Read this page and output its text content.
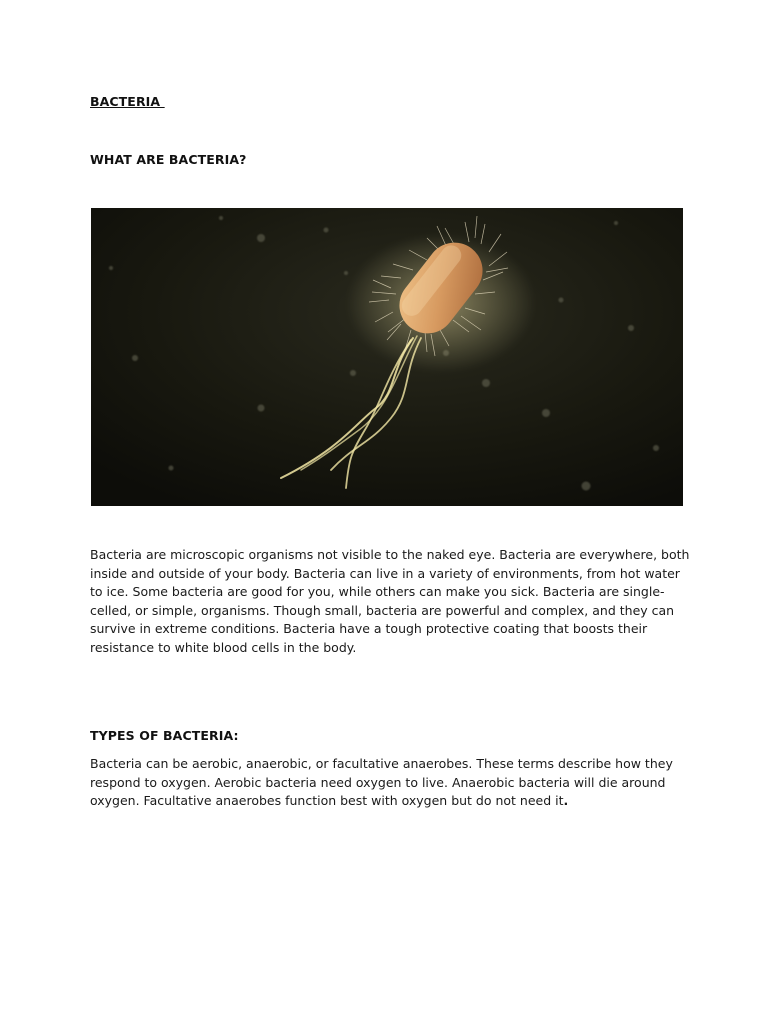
BACTERIA
WHAT ARE BACTERIA?

Bacteria are microscopic organisms not visible to the naked eye. Bacteria are everywhere, both inside and outside of your body. Bacteria can live in a variety of environments, from hot water to ice. Some bacteria are good for you, while others can make you sick. Bacteria are single-celled, or simple, organisms. Though small, bacteria are powerful and complex, and they can survive in extreme conditions. Bacteria have a tough protective coating that boosts their resistance to white blood cells in the body.

TYPES OF BACTERIA:

Bacteria can be aerobic, anaerobic, or facultative anaerobes. These terms describe how they respond to oxygen. Aerobic bacteria need oxygen to live. Anaerobic bacteria will die around oxygen. Facultative anaerobes function best with oxygen but do not need it.
